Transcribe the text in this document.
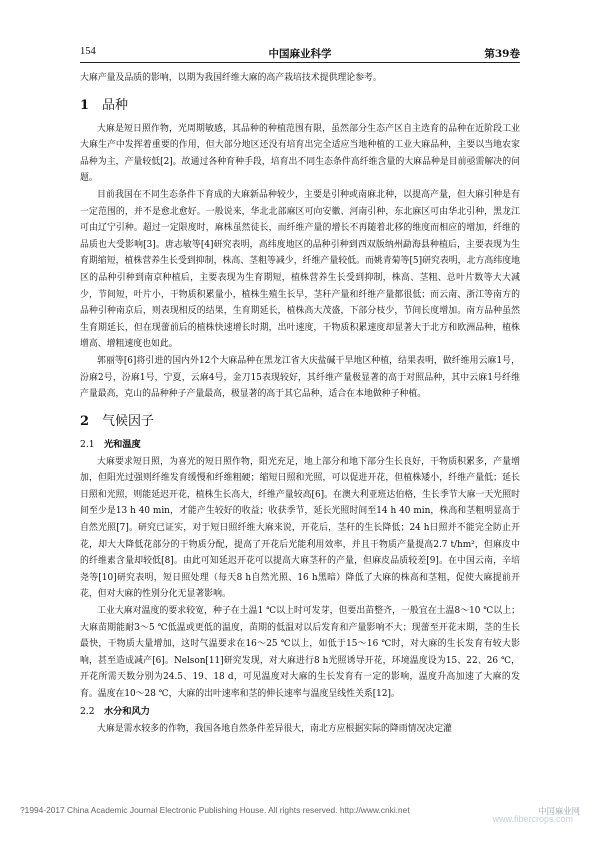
154	中国麻业科学	第39卷

大麻产量及品质的影响，以期为我国纤维大麻的高产栽培技术提供理论参考。

1 品种

大麻是短日照作物，光周期敏感，其品种的种植范围有限，虽然部分生态产区自主选育的品种在近阶段工业大麻生产中发挥着重要的作用，但大部分地区还没有培育出完全适应当地种植的工业大麻品种，主要以当地农家品种为主，产量较低[2]。故通过各种育种手段，培育出不同生态条件高纤维含量的大麻品种是目前亟需解决的问题。

目前我国在不同生态条件下育成的大麻新品种较少，主要是引种或南麻北种，以提高产量，但大麻引种是有一定范围的，并不是愈北愈好。一般说来，华北北部麻区可向安徽、河南引种，东北麻区可由华北引种，黑龙江可由辽宁引种。超过一定限度时，麻株虽然徒长，而纤维产量的增长不再随着北移的维度而相应的增加，纤维的品质也大受影响[3]。唐志敏等[4]研究表明，高纬度地区的品种引种到西双版纳州勐海县种植后，主要表现为生育期缩短，植株营养生长受到抑制，株高、茎粗等减少，纤维产量较低。而姚青菊等[5]研究表明，北方高纬度地区的品种引种到南京种植后，主要表现为生育期短，植株营养生长受到抑制，株高、茎粗、总叶片数等大大减少，节间短，叶片小，干物质积累量小，植株生殖生长早，茎秆产量和纤维产量都很低；而云南、浙江等南方的品种引种南京后，则表现相反的结果，生育期延长，植株高大茂盛，下部分枝少，节间长度增加。南方品种虽然生育期延长，但在现蕾前后的植株快速增长时期，出叶速度，干物质积累速度却显著大于北方和欧洲品种，植株增高、增粗速度也如此。

郭丽等[6]将引进的国内外12个大麻品种在黑龙江省大庆盐碱干旱地区种植，结果表明，做纤维用云麻1号，汾麻2号，汾麻1号，宁夏，云麻4号，金刀15表现较好，其纤维产量极显著的高于对照品种，其中云麻1号纤维产量最高，克山的品种种子产量最高，极显著的高于其它品种，适合在本地做种子种植。

2 气候因子
2.1 光和温度

大麻要求短日照，为喜光的短日照作物，阳光充足，地上部分和地下部分生长良好，干物质积累多，产量增加，但阳光过强则纤维发育缓慢和纤维粗硬；缩短日照和光照，可以促进开花，但植株矮小，纤维产量低；延长日照和光照，则能延迟开花，植株生长高大，纤维产量较高[6]。在澳大利亚班达伯格，生长季节大麻一天光照时间至少是13 h 40 min，才能产生较好的收益；收获季节，延长光照时间至14 h 40 min，株高和茎粗明显高于自然光照[7]。研究已证实，对于短日照纤维大麻来说，开花后，茎秆的生长降低；24 h日照并不能完全防止开花，却大大降低花部分的干物质分配，提高了开花后光能利用效率，并且干物质产量提高2.7 t/hm²，但麻皮中的纤维素含量却较低[8]。由此可知延迟开花可以提高大麻茎秆的产量，但麻皮品质较差[9]。在中国云南，辛培尧等[10]研究表明，短日照处理（每天8 h自然光照、16 h黑暗）降低了大麻的株高和茎粗，促使大麻提前开花，但对大麻的性别分化无显著影响。

工业大麻对温度的要求较宽，种子在土温1 ℃以上时可发芽，但要出苗整齐，一般宜在土温8～10 ℃以上；大麻苗期能耐3～5 ℃低温或更低的温度，苗期的低温对以后发育和产量影响不大；现蕾至开花末期，茎的生长最快，干物质大量增加，这时气温要求在16～25 ℃以上，如低于15～16 ℃时，对大麻的生长发育有较大影响，甚至造成减产[6]。Nelson[11]研究发现，对大麻进行8 h光照诱导开花，环境温度设为15、22、26 ℃，开花所需天数分别为24.5、19、18 d，可见温度对大麻的生长发育有一定的影响，温度升高加速了大麻的发育。温度在10～28 ℃，大麻的出叶速率和茎的伸长速率与温度呈线性关系[12]。

2.2 水分和风力

大麻是需水较多的作物，我国各地自然条件差异很大，南北方应根据实际的降雨情况决定灌

?1994-2017 China Academic Journal Electronic Publishing House. All rights reserved. http://www.cnki.net	中国麻业网
www.fibercrops.com
